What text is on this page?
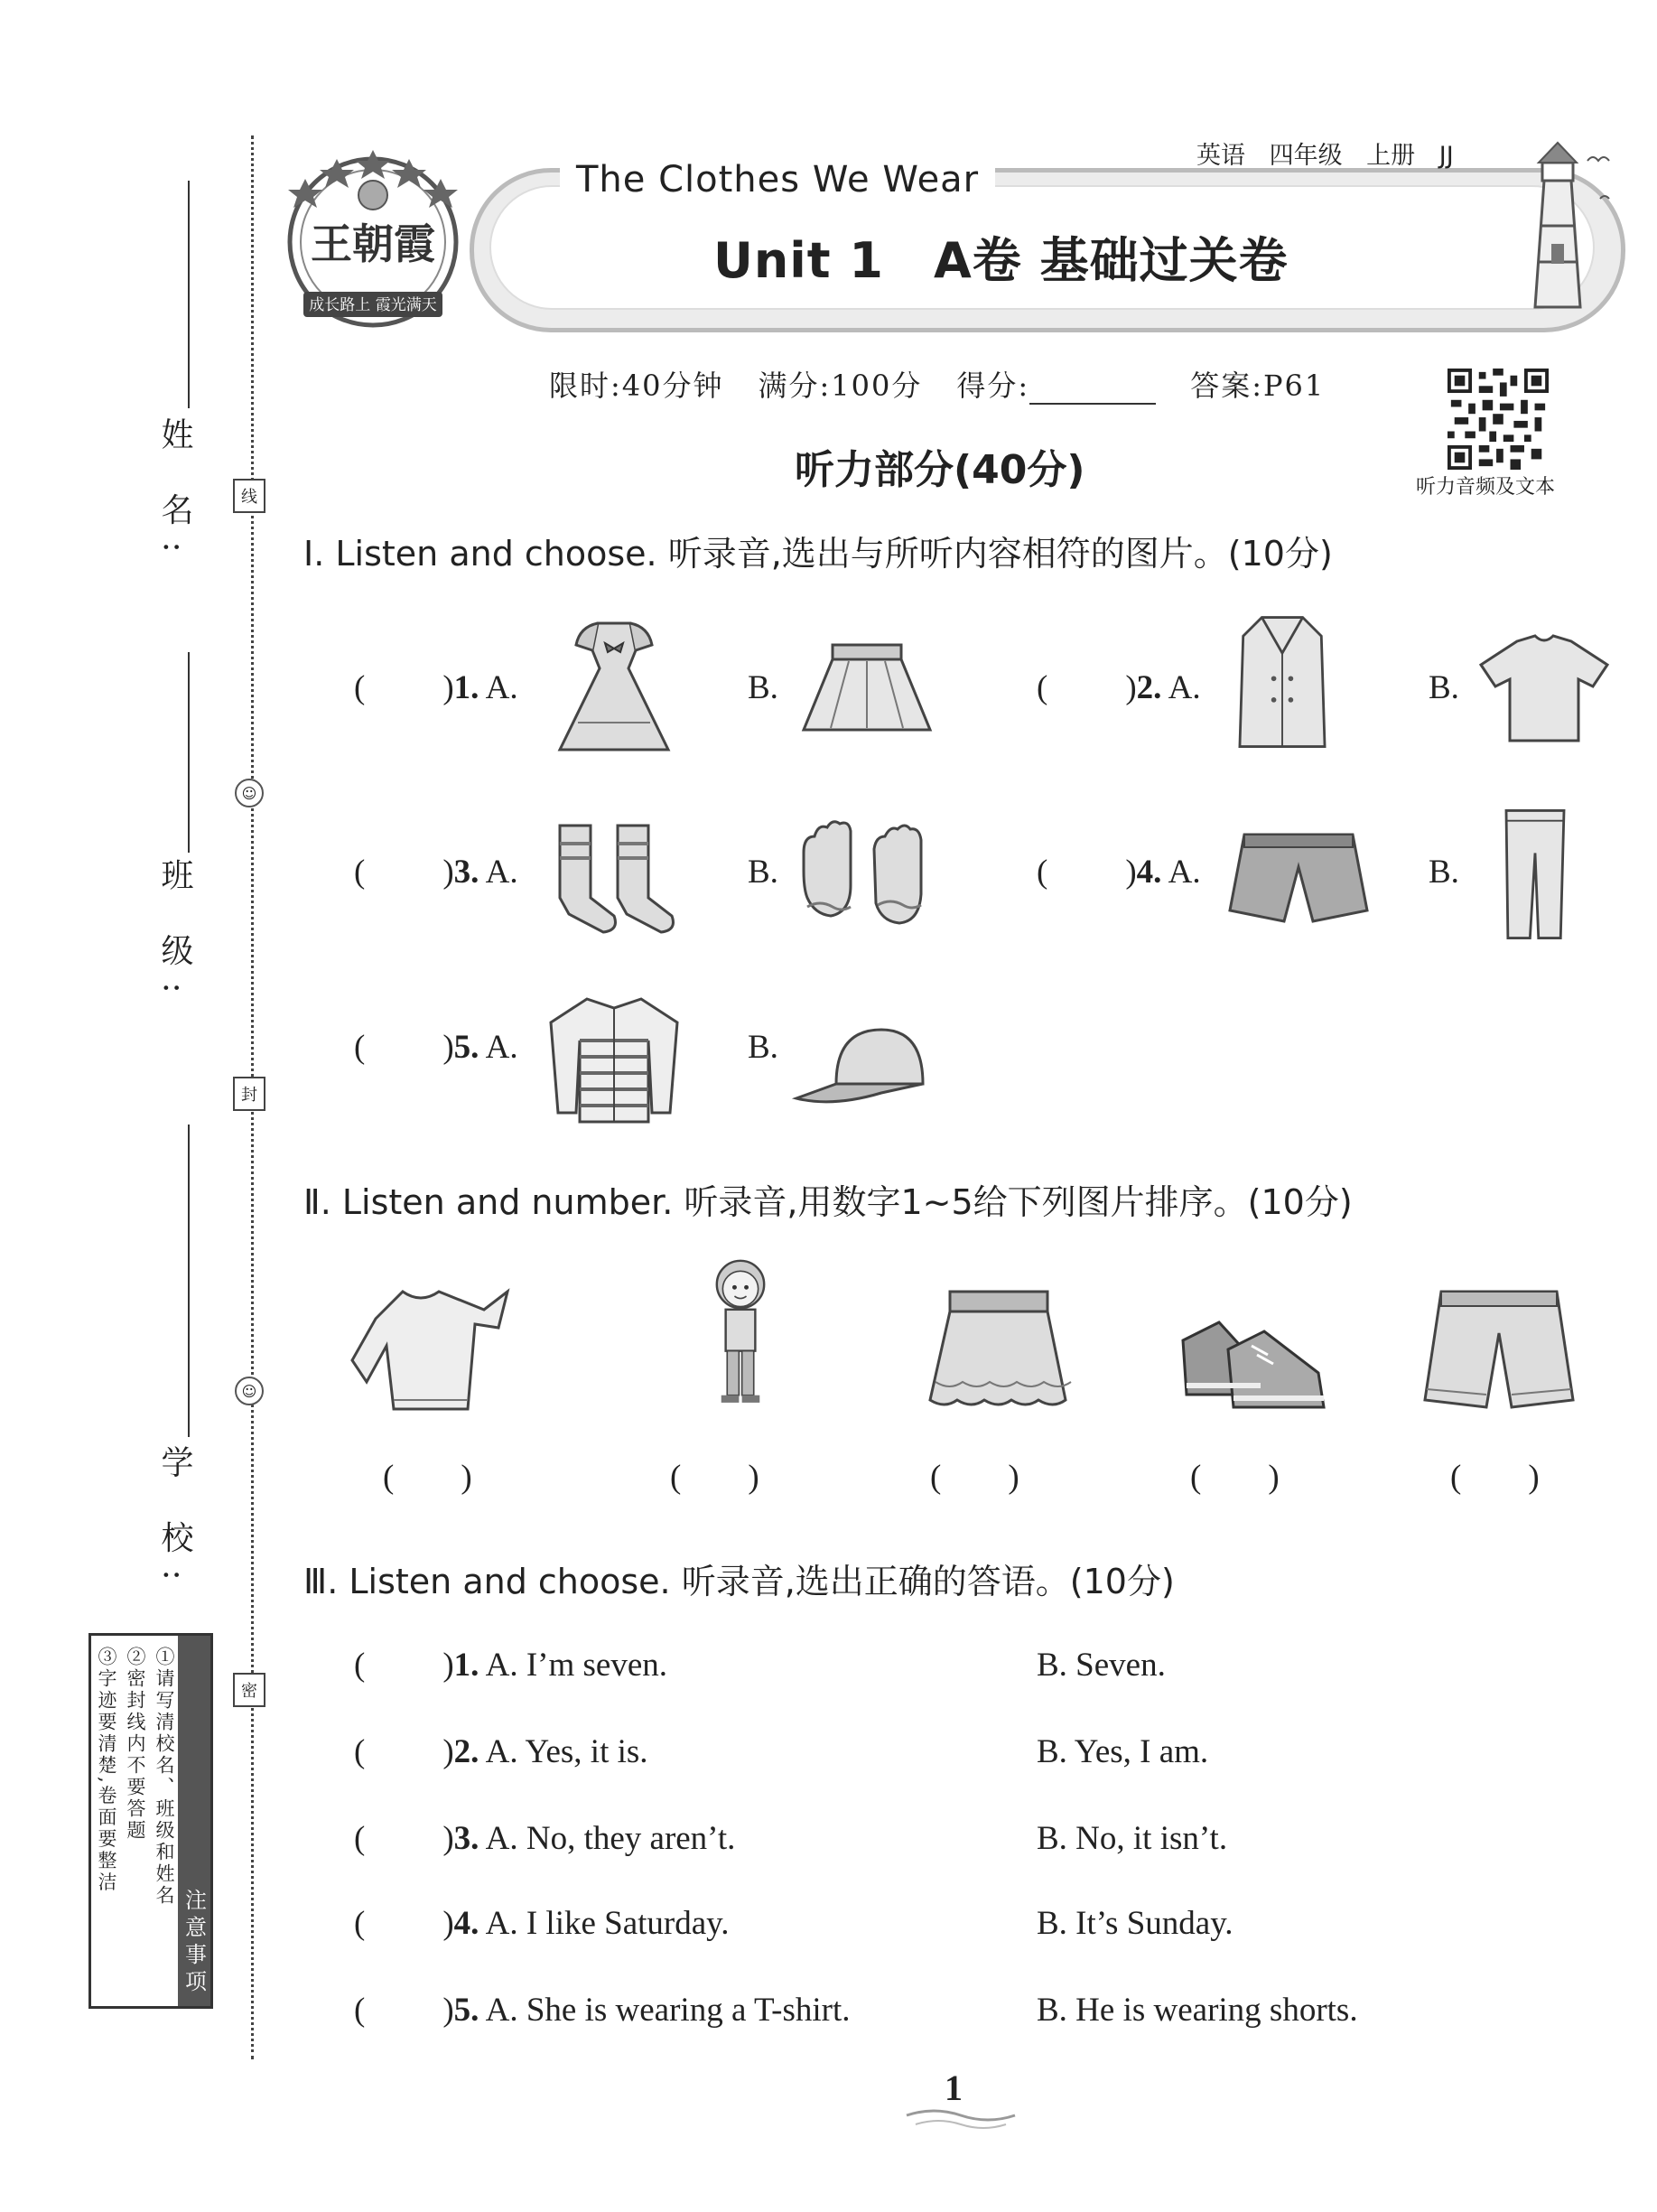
姓 名:
班 级:
学 校:
线
☺
封
☺
密
注意事项
①请写清校名、班级和姓名
②密封线内不要答题
③字迹要清楚,卷面要整洁
王朝霞
成长路上 霞光满天
The Clothes We Wear
英语 四年级 上册 JJ
Unit 1　A卷 基础过关卷
限时:40分钟 满分:100分 得分:	答案:P61
听力音频及文本
听力部分(40分)
Ⅰ. Listen and choose. 听录音,选出与所听内容相符的图片。(10分)
( )1. A.	B.	( )2. A.	B.
( )3. A.	B.	( )4. A.	B.
( )5. A.	B.
Ⅱ. Listen and number. 听录音,用数字1~5给下列图片排序。(10分)
( )	( )	( )	( )	( )
Ⅲ. Listen and choose. 听录音,选出正确的答语。(10分)
( )1. A. I’m seven.	B. Seven.
( )2. A. Yes, it is.	B. Yes, I am.
( )3. A. No, they aren’t.	B. No, it isn’t.
( )4. A. I like Saturday.	B. It’s Sunday.
( )5. A. She is wearing a T-shirt.	B. He is wearing shorts.
1
